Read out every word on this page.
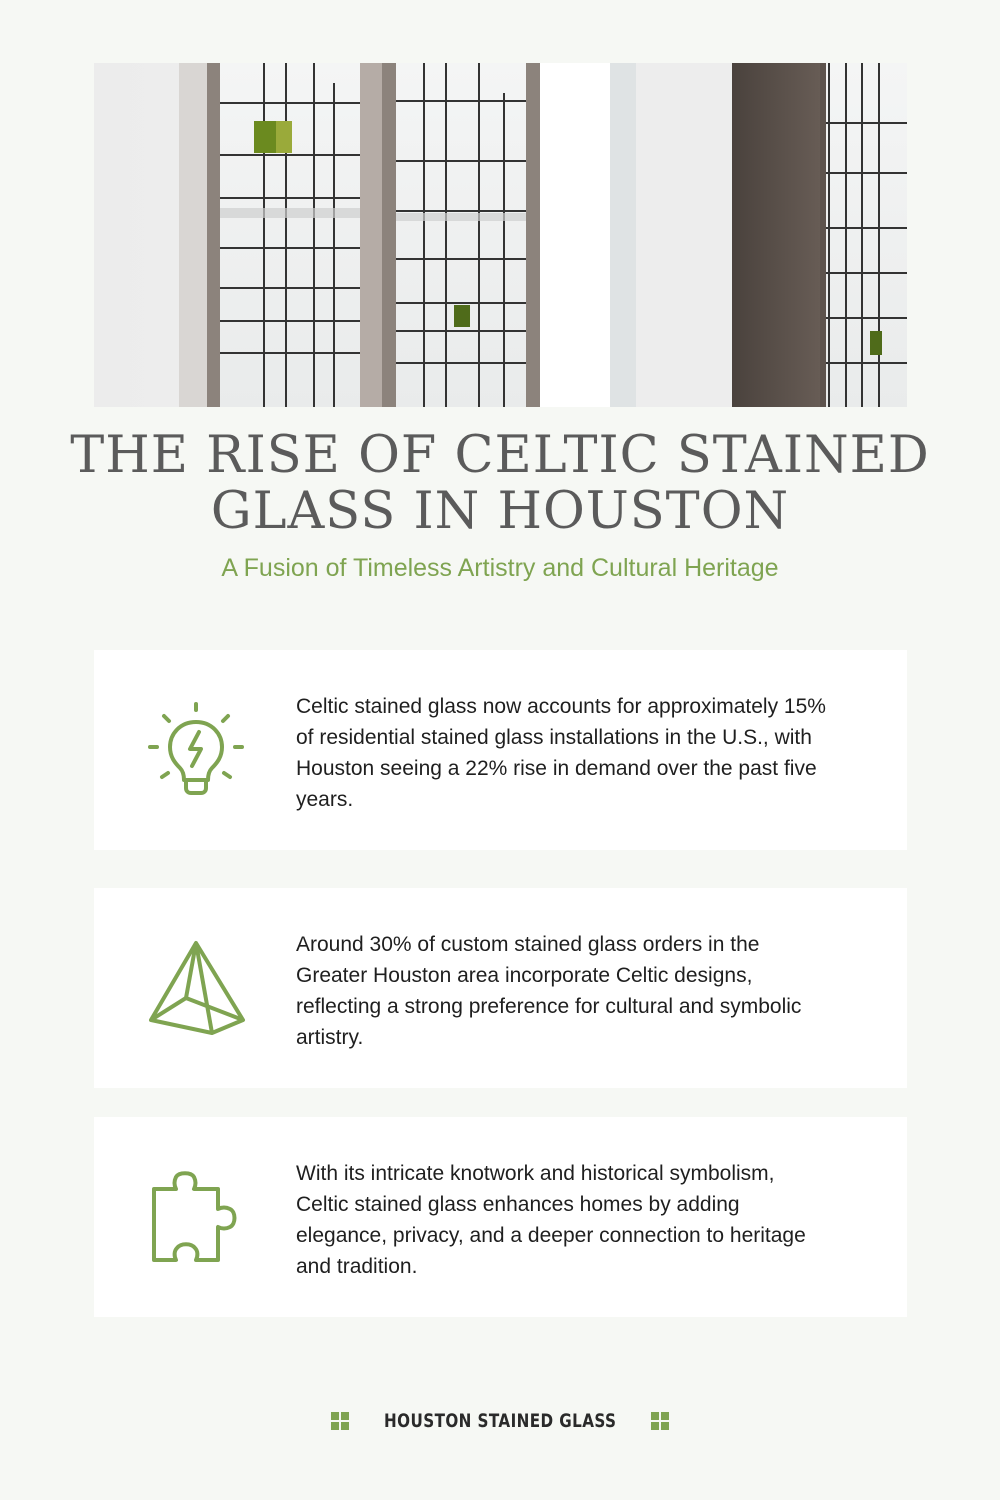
THE RISE OF CELTIC STAINED GLASS IN HOUSTON

A Fusion of Timeless Artistry and Cultural Heritage

Celtic stained glass now accounts for approximately 15% of residential stained glass installations in the U.S., with Houston seeing a 22% rise in demand over the past five years.

Around 30% of custom stained glass orders in the Greater Houston area incorporate Celtic designs, reflecting a strong preference for cultural and symbolic artistry.

With its intricate knotwork and historical symbolism, Celtic stained glass enhances homes by adding elegance, privacy, and a deeper connection to heritage and tradition.

HOUSTON STAINED GLASS
